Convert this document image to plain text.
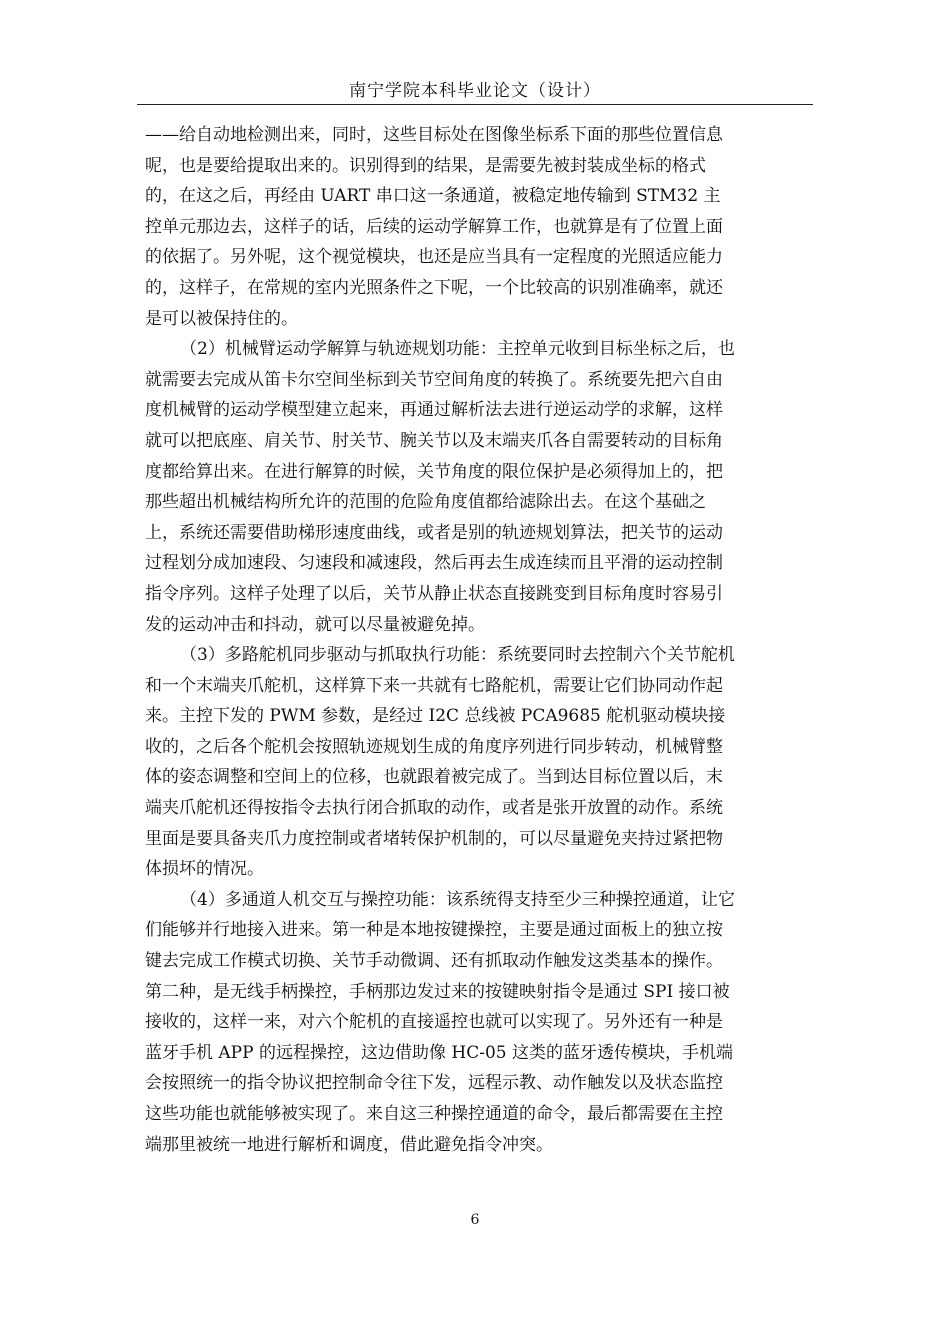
南宁学院本科毕业论文（设计）
——给自动地检测出来，同时，这些目标处在图像坐标系下面的那些位置信息
呢，也是要给提取出来的。识别得到的结果，是需要先被封装成坐标的格式
的，在这之后，再经由 UART 串口这一条通道，被稳定地传输到 STM32 主
控单元那边去，这样子的话，后续的运动学解算工作，也就算是有了位置上面
的依据了。另外呢，这个视觉模块，也还是应当具有一定程度的光照适应能力
的，这样子，在常规的室内光照条件之下呢，一个比较高的识别准确率，就还
是可以被保持住的。
（2）机械臂运动学解算与轨迹规划功能：主控单元收到目标坐标之后，也
就需要去完成从笛卡尔空间坐标到关节空间角度的转换了。系统要先把六自由
度机械臂的运动学模型建立起来，再通过解析法去进行逆运动学的求解，这样
就可以把底座、肩关节、肘关节、腕关节以及末端夹爪各自需要转动的目标角
度都给算出来。在进行解算的时候，关节角度的限位保护是必须得加上的，把
那些超出机械结构所允许的范围的危险角度值都给滤除出去。在这个基础之
上，系统还需要借助梯形速度曲线，或者是别的轨迹规划算法，把关节的运动
过程划分成加速段、匀速段和减速段，然后再去生成连续而且平滑的运动控制
指令序列。这样子处理了以后，关节从静止状态直接跳变到目标角度时容易引
发的运动冲击和抖动，就可以尽量被避免掉。
（3）多路舵机同步驱动与抓取执行功能：系统要同时去控制六个关节舵机
和一个末端夹爪舵机，这样算下来一共就有七路舵机，需要让它们协同动作起
来。主控下发的 PWM 参数，是经过 I2C 总线被 PCA9685 舵机驱动模块接
收的，之后各个舵机会按照轨迹规划生成的角度序列进行同步转动，机械臂整
体的姿态调整和空间上的位移，也就跟着被完成了。当到达目标位置以后，末
端夹爪舵机还得按指令去执行闭合抓取的动作，或者是张开放置的动作。系统
里面是要具备夹爪力度控制或者堵转保护机制的，可以尽量避免夹持过紧把物
体损坏的情况。
（4）多通道人机交互与操控功能：该系统得支持至少三种操控通道，让它
们能够并行地接入进来。第一种是本地按键操控，主要是通过面板上的独立按
键去完成工作模式切换、关节手动微调、还有抓取动作触发这类基本的操作。
第二种，是无线手柄操控，手柄那边发过来的按键映射指令是通过 SPI 接口被
接收的，这样一来，对六个舵机的直接遥控也就可以实现了。另外还有一种是
蓝牙手机 APP 的远程操控，这边借助像 HC-05 这类的蓝牙透传模块，手机端
会按照统一的指令协议把控制命令往下发，远程示教、动作触发以及状态监控
这些功能也就能够被实现了。来自这三种操控通道的命令，最后都需要在主控
端那里被统一地进行解析和调度，借此避免指令冲突。
6
